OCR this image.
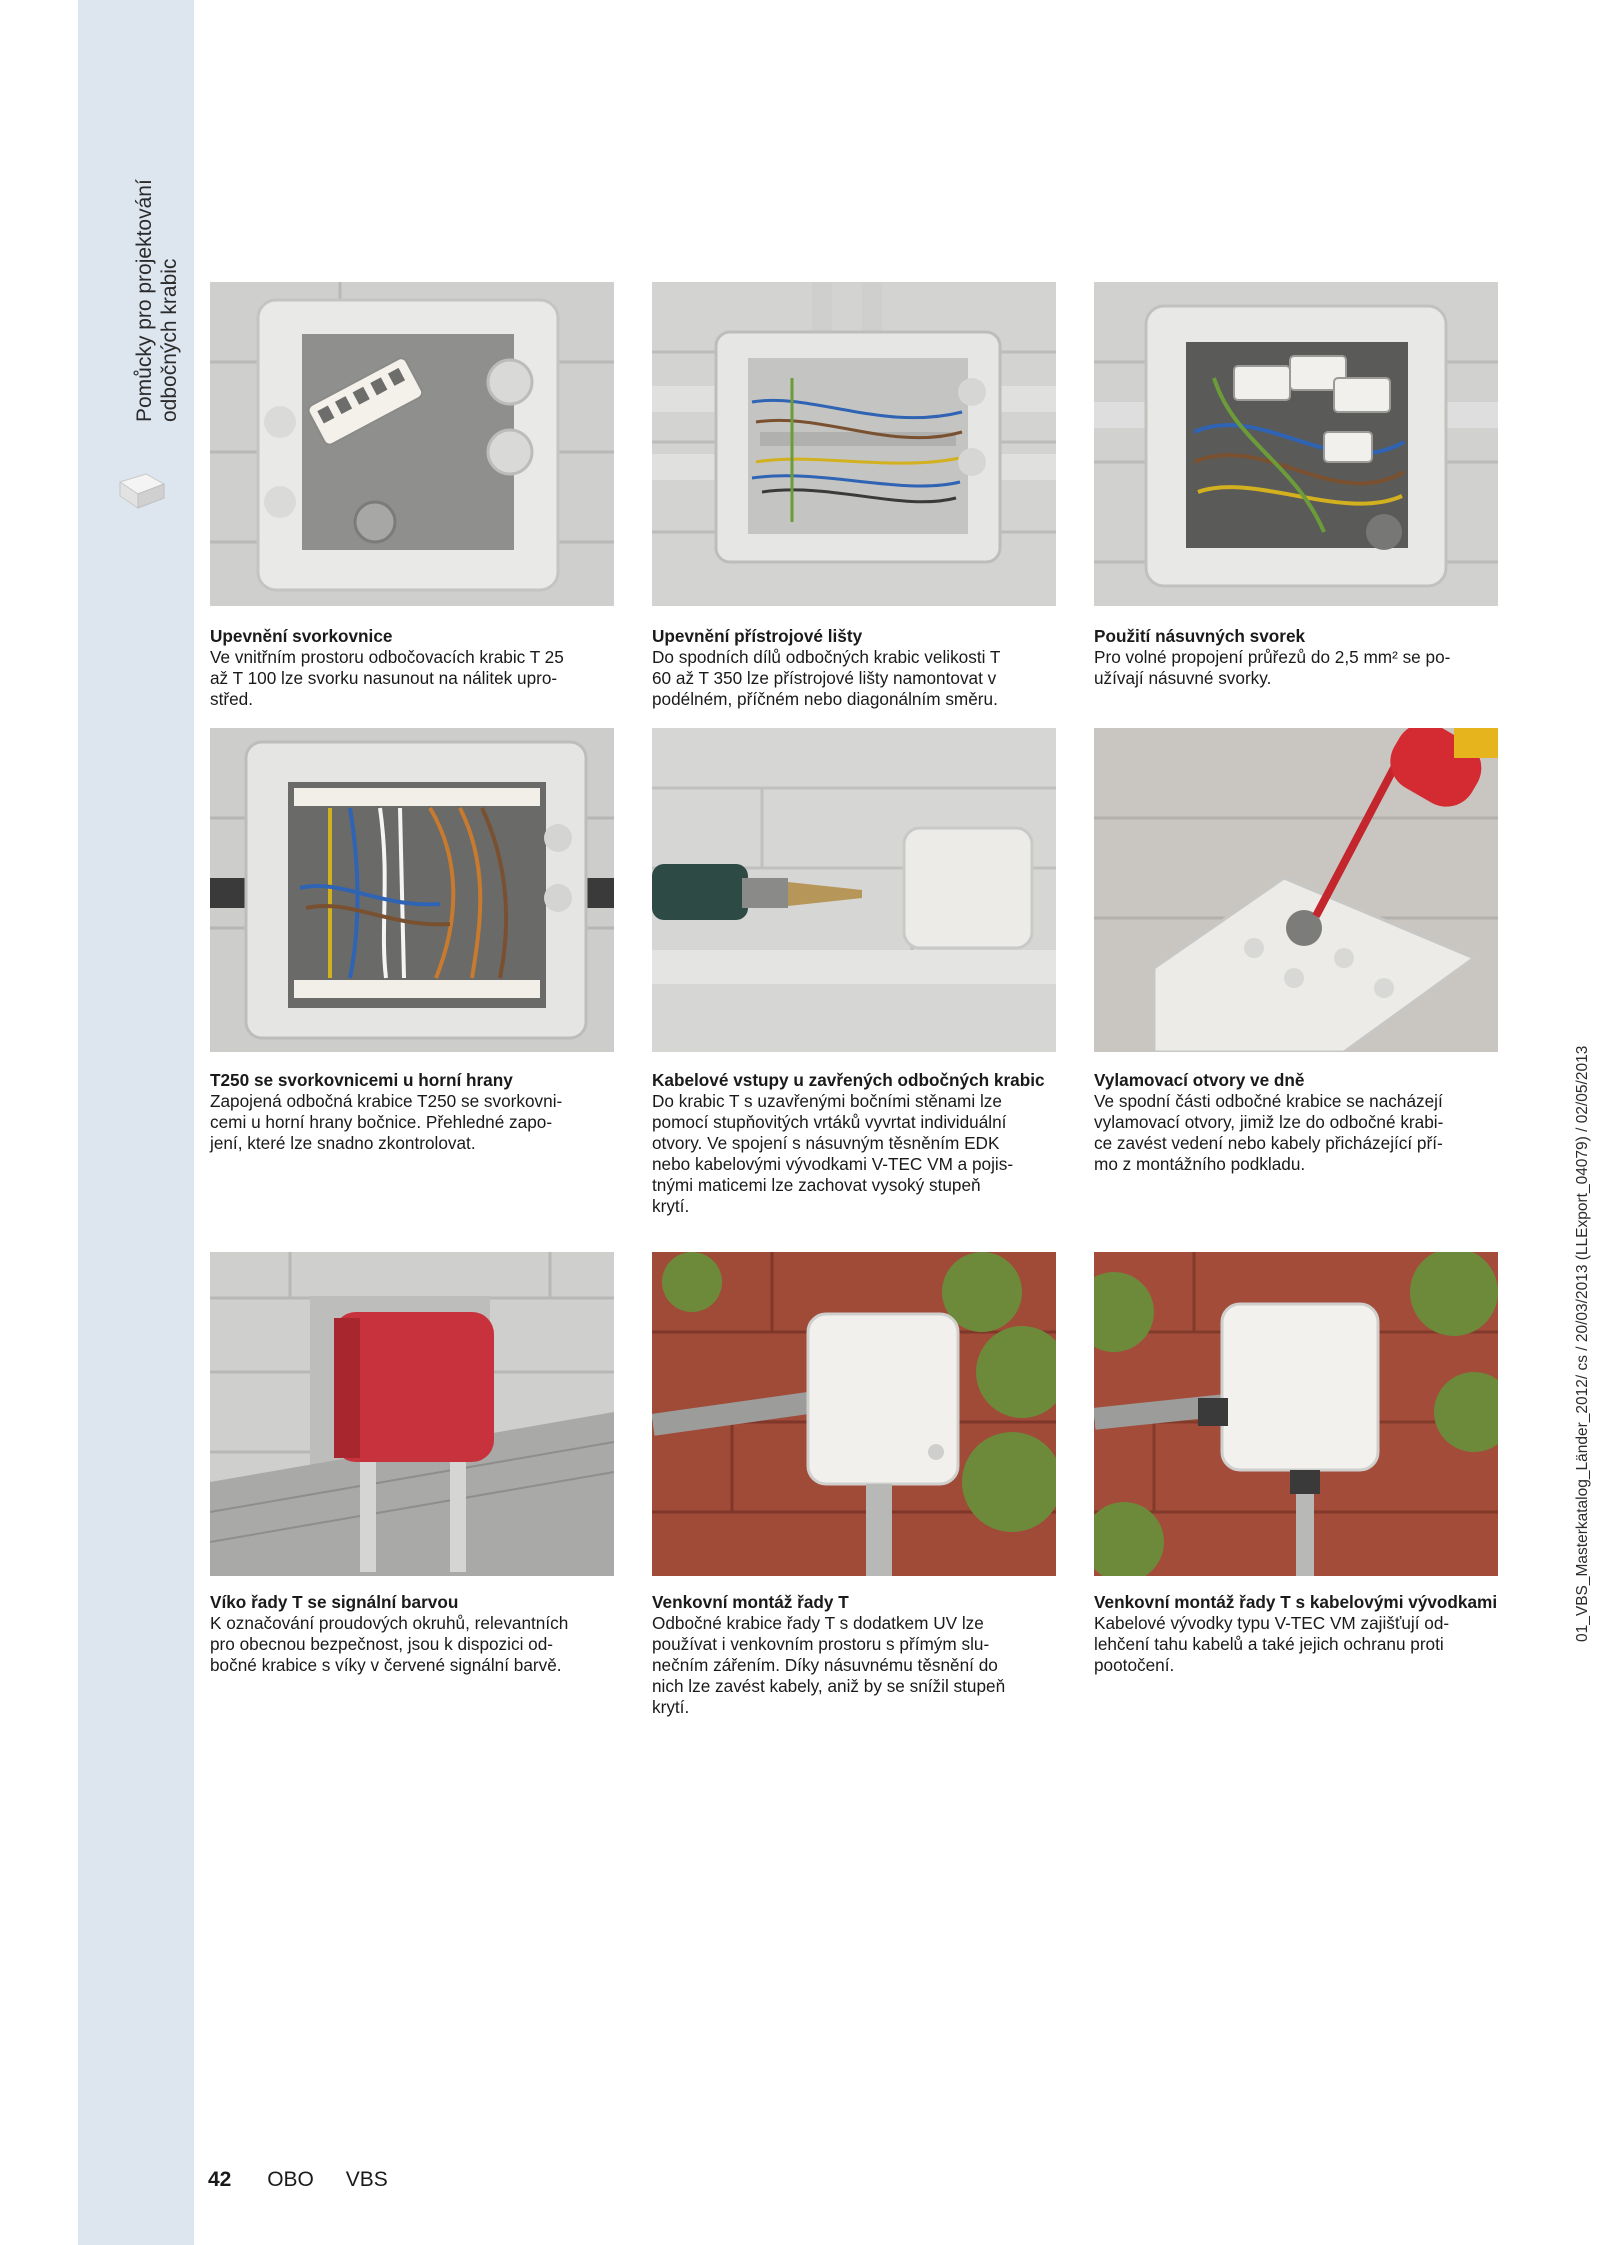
Pomůcky pro projektování odbočných krabic
Upevnění svorkovnice
Ve vnitřním prostoru odbočovacích krabic T 25
až T 100 lze svorku nasunout na nálitek upro-
střed.
Upevnění přístrojové lišty
Do spodních dílů odbočných krabic velikosti T
60 až T 350 lze přístrojové lišty namontovat v
podélném, příčném nebo diagonálním směru.
Použití násuvných svorek
Pro volné propojení průřezů do 2,5 mm² se po-
užívají násuvné svorky.
T250 se svorkovnicemi u horní hrany
Zapojená odbočná krabice T250 se svorkovni-
cemi u horní hrany bočnice. Přehledné zapo-
jení, které lze snadno zkontrolovat.
Kabelové vstupy u zavřených odbočných krabic
Do krabic T s uzavřenými bočními stěnami lze
pomocí stupňovitých vrtáků vyvrtat individuální
otvory. Ve spojení s násuvným těsněním EDK
nebo kabelovými vývodkami V-TEC VM a pojis-
tnými maticemi lze zachovat vysoký stupeň
krytí.
Vylamovací otvory ve dně
Ve spodní části odbočné krabice se nacházejí
vylamovací otvory, jimiž lze do odbočné krabi-
ce zavést vedení nebo kabely přicházející pří-
mo z montážního podkladu.
Víko řady T se signální barvou
K označování proudových okruhů, relevantních
pro obecnou bezpečnost, jsou k dispozici od-
bočné krabice s víky v červené signální barvě.
Venkovní montáž řady T
Odbočné krabice řady T s dodatkem UV lze
používat i venkovním prostoru s přímým slu-
nečním zářením. Díky násuvnému těsnění do
nich lze zavést kabely, aniž by se snížil stupeň
krytí.
Venkovní montáž řady T s kabelovými vývodkami
Kabelové vývodky typu V-TEC VM zajišťují od-
lehčení tahu kabelů a také jejich ochranu proti
pootočení.
42 OBO VBS
01_VBS_Masterkatalog_Länder_2012/ cs / 20/03/2013 (LLExport_04079) / 02/05/2013
